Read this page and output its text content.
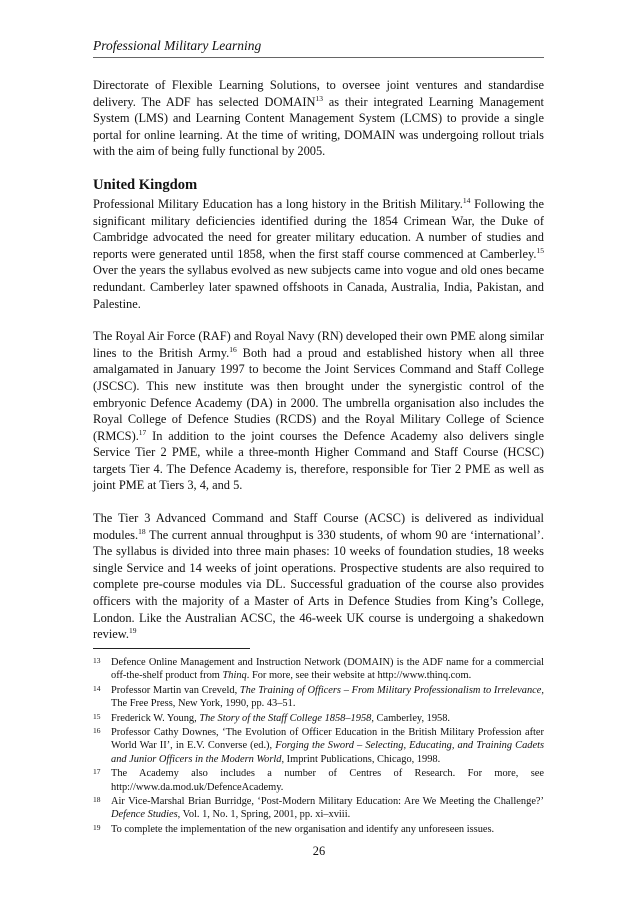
Professional Military Learning

Directorate of Flexible Learning Solutions, to oversee joint ventures and standardise delivery. The ADF has selected DOMAIN$^{13}$ as their integrated Learning Management System (LMS) and Learning Content Management System (LCMS) to provide a single portal for online learning. At the time of writing, DOMAIN was undergoing rollout trials with the aim of being fully functional by 2005.

United Kingdom

Professional Military Education has a long history in the British Military.$^{14}$ Following the significant military deficiencies identified during the 1854 Crimean War, the Duke of Cambridge advocated the need for greater military education. A number of studies and reports were generated until 1858, when the first staff course commenced at Camberley.$^{15}$ Over the years the syllabus evolved as new subjects came into vogue and old ones became redundant. Camberley later spawned offshoots in Canada, Australia, India, Pakistan, and Palestine.

The Royal Air Force (RAF) and Royal Navy (RN) developed their own PME along similar lines to the British Army.$^{16}$ Both had a proud and established history when all three amalgamated in January 1997 to become the Joint Services Command and Staff College (JSCSC). This new institute was then brought under the synergistic control of the embryonic Defence Academy (DA) in 2000. The umbrella organisation also includes the Royal College of Defence Studies (RCDS) and the Royal Military College of Science (RMCS).$^{17}$ In addition to the joint courses the Defence Academy also delivers single Service Tier 2 PME, while a three-month Higher Command and Staff Course (HCSC) targets Tier 4. The Defence Academy is, therefore, responsible for Tier 2 PME as well as joint PME at Tiers 3, 4, and 5.

The Tier 3 Advanced Command and Staff Course (ACSC) is delivered as individual modules.$^{18}$ The current annual throughput is 330 students, of whom 90 are ‘international’. The syllabus is divided into three main phases: 10 weeks of foundation studies, 18 weeks single Service and 14 weeks of joint operations. Prospective students are also required to complete pre-course modules via DL. Successful graduation of the course also provides officers with the majority of a Master of Arts in Defence Studies from King’s College, London. Like the Australian ACSC, the 46-week UK course is undergoing a shakedown review.$^{19}$

13	Defence Online Management and Instruction Network (DOMAIN) is the ADF name for a commercial off-the-shelf product from Thinq. For more, see their website at http://www.thinq.com.
14	Professor Martin van Creveld, The Training of Officers – From Military Professionalism to Irrelevance, The Free Press, New York, 1990, pp. 43–51.
15	Frederick W. Young, The Story of the Staff College 1858–1958, Camberley, 1958.
16	Professor Cathy Downes, ‘The Evolution of Officer Education in the British Military Profession after World War II’, in E.V. Converse (ed.), Forging the Sword – Selecting, Educating, and Training Cadets and Junior Officers in the Modern World, Imprint Publications, Chicago, 1998.
17	The Academy also includes a number of Centres of Research. For more, see http://www.da.mod.uk/DefenceAcademy.
18	Air Vice-Marshal Brian Burridge, ‘Post-Modern Military Education: Are We Meeting the Challenge?’ Defence Studies, Vol. 1, No. 1, Spring, 2001, pp. xi–xviii.
19	To complete the implementation of the new organisation and identify any unforeseen issues.
26
